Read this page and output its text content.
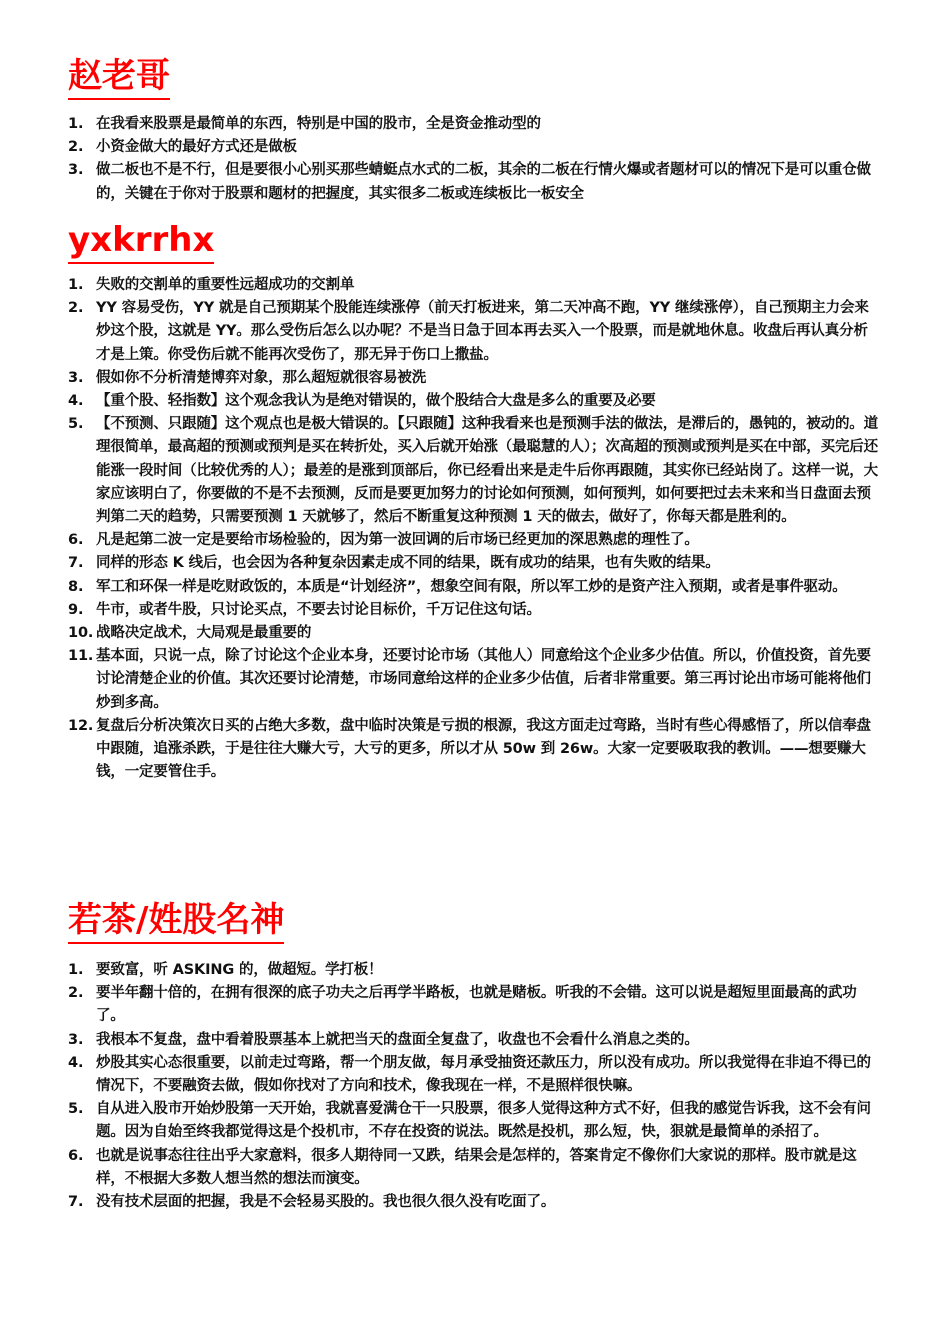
赵老哥
1. 在我看来股票是最简单的东西，特别是中国的股市，全是资金推动型的
2. 小资金做大的最好方式还是做板
3. 做二板也不是不行，但是要很小心别买那些蜻蜓点水式的二板，其余的二板在行情火爆或者题材可以的情况下是可以重仓做的，关键在于你对于股票和题材的把握度，其实很多二板或连续板比一板安全
yxkrrhx
1. 失败的交割单的重要性远超成功的交割单
2. YY 容易受伤，YY 就是自己预期某个股能连续涨停（前天打板进来，第二天冲高不跑，YY 继续涨停），自己预期主力会来炒这个股，这就是 YY。那么受伤后怎么以办呢？不是当日急于回本再去买入一个股票，而是就地休息。收盘后再认真分析才是上策。你受伤后就不能再次受伤了，那无异于伤口上撒盐。
3. 假如你不分析清楚博弈对象，那么超短就很容易被洗
4. 【重个股、轻指数】这个观念我认为是绝对错误的，做个股结合大盘是多么的重要及必要
5. 【不预测、只跟随】这个观点也是极大错误的。【只跟随】这种我看来也是预测手法的做法，是滞后的，愚钝的，被动的。道理很简单，最高超的预测或预判是买在转折处，买入后就开始涨（最聪慧的人）；次高超的预测或预判是买在中部，买完后还能涨一段时间（比较优秀的人）；最差的是涨到顶部后，你已经看出来是走牛后你再跟随，其实你已经站岗了。这样一说，大家应该明白了，你要做的不是不去预测，反而是要更加努力的讨论如何预测，如何预判，如何要把过去未来和当日盘面去预判第二天的趋势，只需要预测 1 天就够了，然后不断重复这种预测 1 天的做去，做好了，你每天都是胜利的。
6. 凡是起第二波一定是要给市场检验的，因为第一波回调的后市场已经更加的深思熟虑的理性了。
7. 同样的形态 K 线后，也会因为各种复杂因素走成不同的结果，既有成功的结果，也有失败的结果。
8. 军工和环保一样是吃财政饭的，本质是“计划经济”，想象空间有限，所以军工炒的是资产注入预期，或者是事件驱动。
9. 牛市，或者牛股，只讨论买点，不要去讨论目标价，千万记住这句话。
10. 战略决定战术，大局观是最重要的
11. 基本面，只说一点，除了讨论这个企业本身，还要讨论市场（其他人）同意给这个企业多少估值。所以，价值投资，首先要讨论清楚企业的价值。其次还要讨论清楚，市场同意给这样的企业多少估值，后者非常重要。第三再讨论出市场可能将他们炒到多高。
12. 复盘后分析决策次日买的占绝大多数，盘中临时决策是亏损的根源，我这方面走过弯路，当时有些心得感悟了，所以信奉盘中跟随，追涨杀跌，于是往往大赚大亏，大亏的更多，所以才从 50w 到 26w。大家一定要吸取我的教训。——想要赚大钱，一定要管住手。
若茶/姓股名神
1. 要致富，听 ASKING 的，做超短。学打板！
2. 要半年翻十倍的，在拥有很深的底子功夫之后再学半路板，也就是赌板。听我的不会错。这可以说是超短里面最高的武功了。
3. 我根本不复盘，盘中看着股票基本上就把当天的盘面全复盘了，收盘也不会看什么消息之类的。
4. 炒股其实心态很重要，以前走过弯路，帮一个朋友做，每月承受抽资还款压力，所以没有成功。所以我觉得在非迫不得已的情况下，不要融资去做，假如你找对了方向和技术，像我现在一样，不是照样很快嘛。
5. 自从进入股市开始炒股第一天开始，我就喜爱满仓干一只股票，很多人觉得这种方式不好，但我的感觉告诉我，这不会有问题。因为自始至终我都觉得这是个投机市，不存在投资的说法。既然是投机，那么短，快，狠就是最简单的杀招了。
6. 也就是说事态往往出乎大家意料，很多人期待同一又跌，结果会是怎样的，答案肯定不像你们大家说的那样。股市就是这样，不根据大多数人想当然的想法而演变。
7. 没有技术层面的把握，我是不会轻易买股的。我也很久很久没有吃面了。
